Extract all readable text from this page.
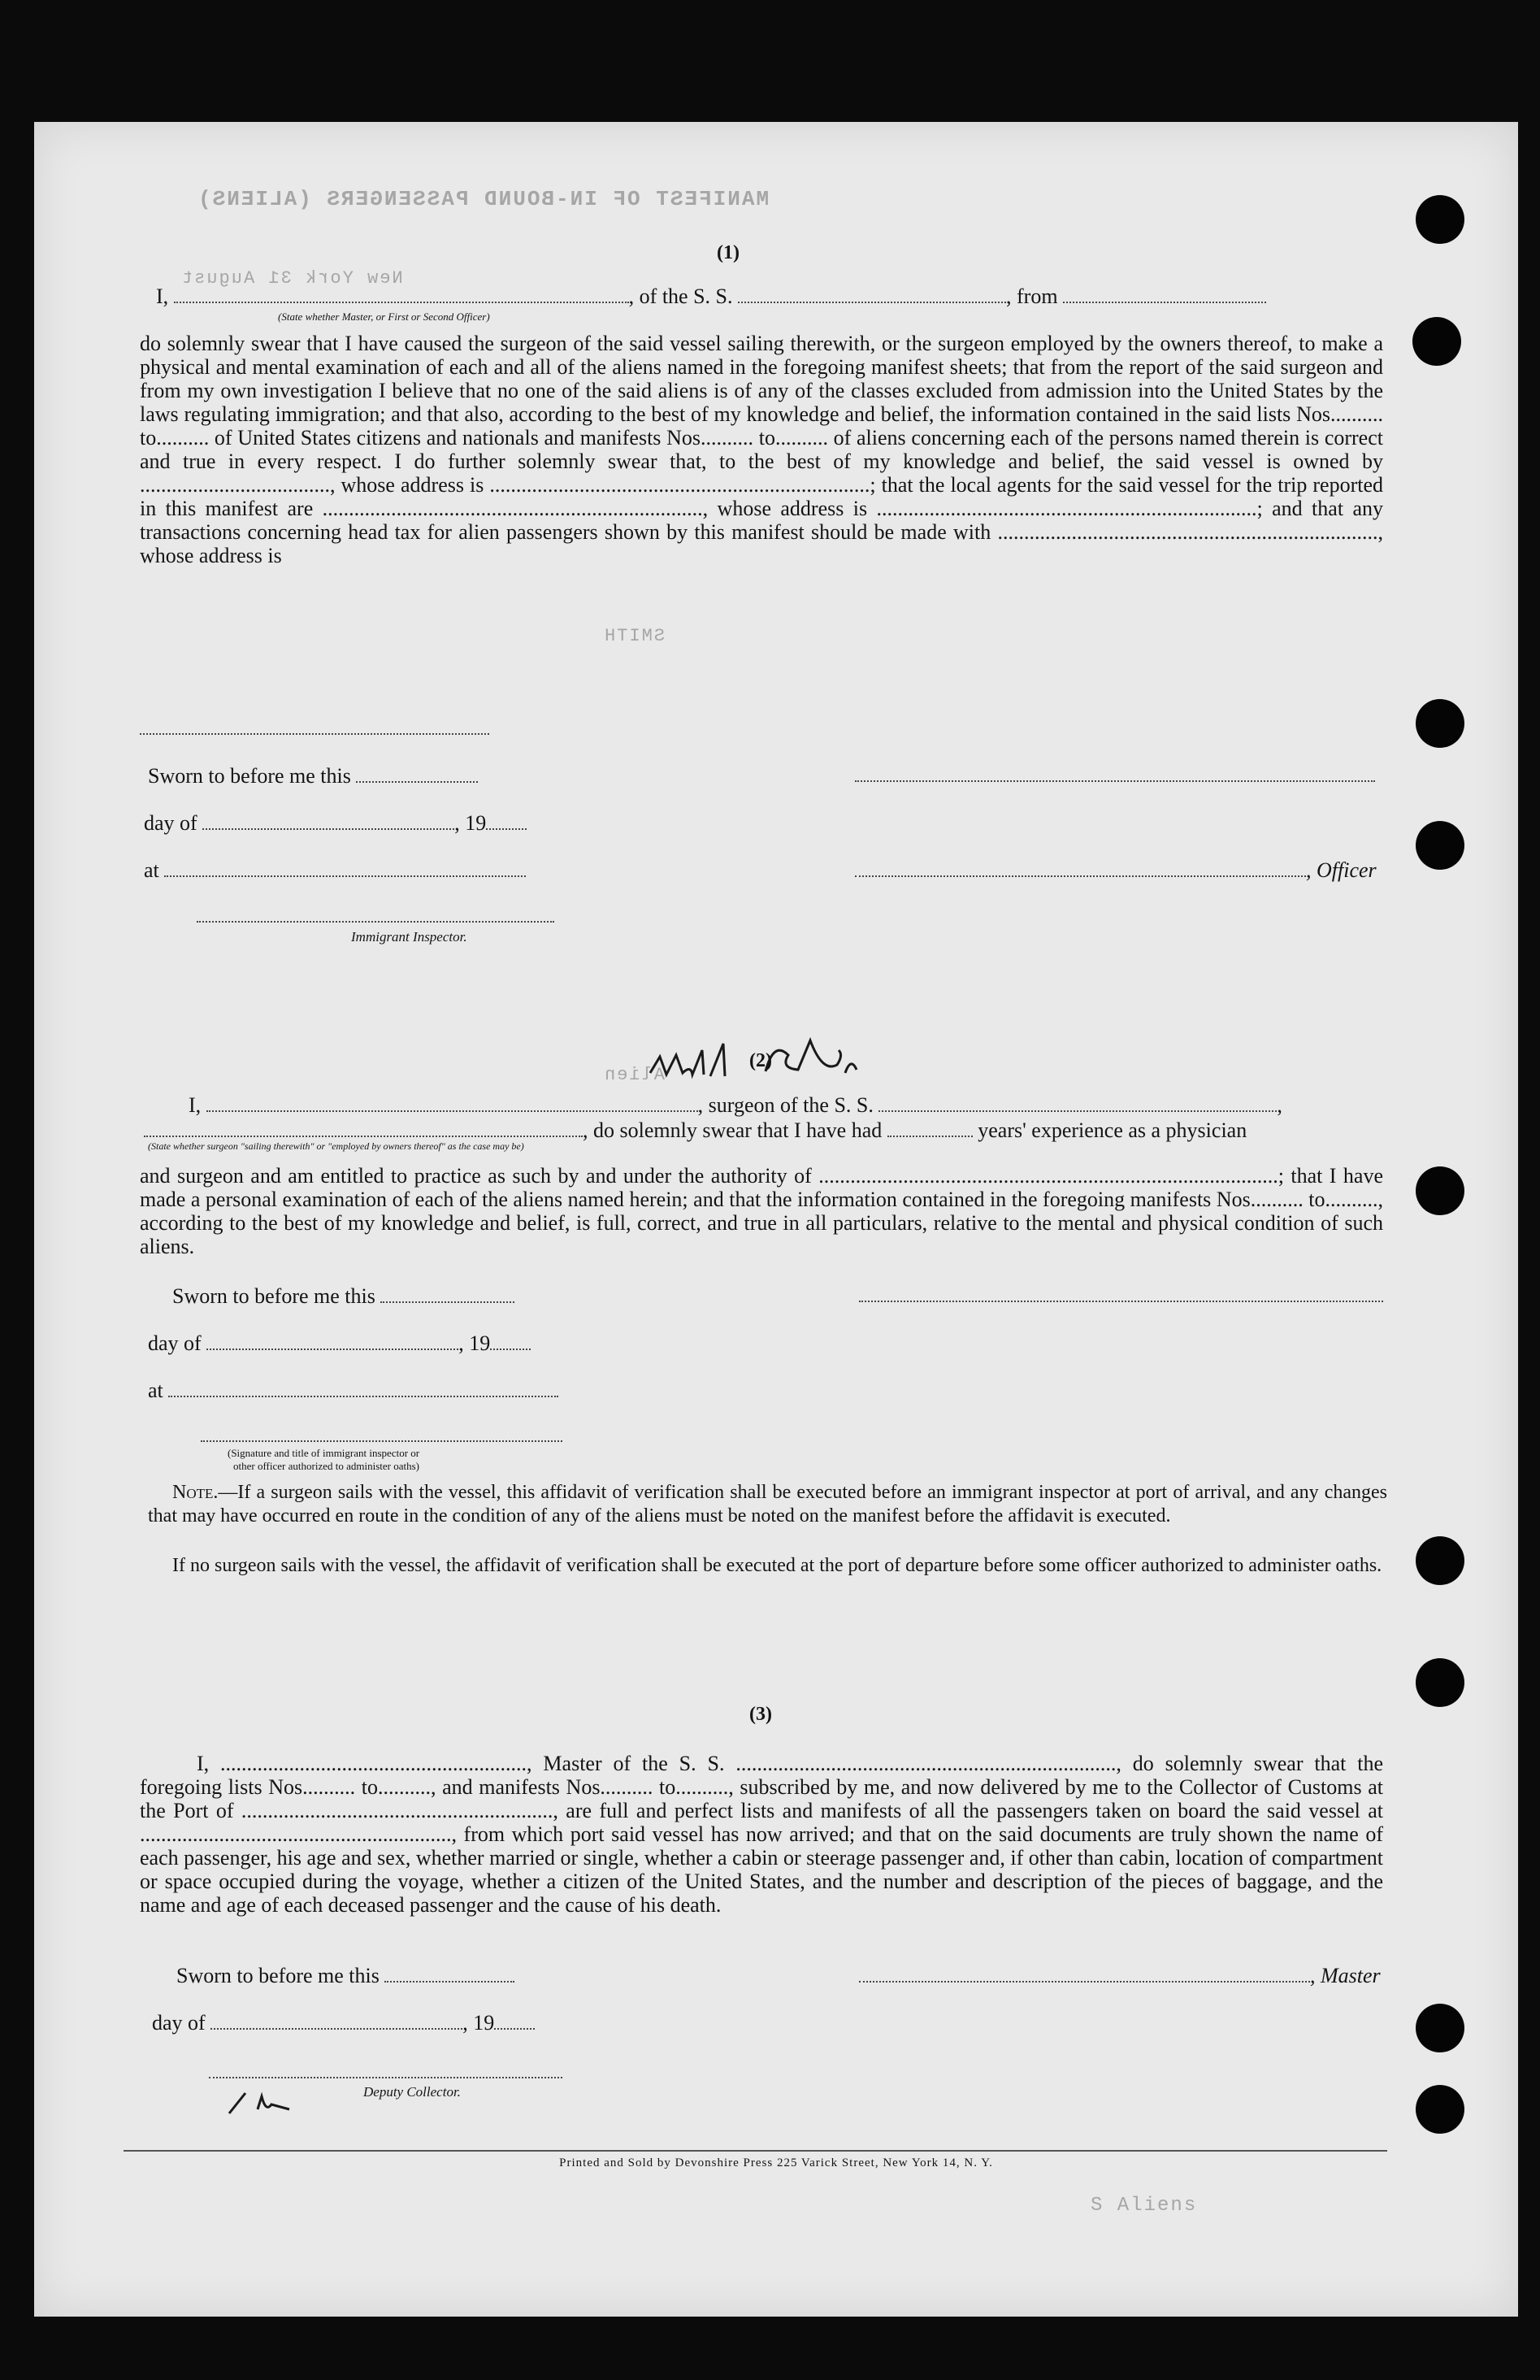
MANIFEST OF IN-BOUND PASSENGERS (ALIENS)
New York 31 August
SMITH
Alien
S Aliens
(1)
I,	, of the S. S.	, from
(State whether Master, or First or Second Officer)
do solemnly swear that I have caused the surgeon of the said vessel sailing therewith, or the surgeon employed by the owners thereof, to make a physical and mental examination of each and all of the aliens named in the foregoing manifest sheets; that from the report of the said surgeon and from my own investigation I believe that no one of the said aliens is of any of the classes excluded from admission into the United States by the laws regulating immigration; and that also, according to the best of my knowledge and belief, the information contained in the said lists Nos.......... to.......... of United States citizens and nationals and manifests Nos.......... to.......... of aliens concerning each of the persons named therein is correct and true in every respect. I do further solemnly swear that, to the best of my knowledge and belief, the said vessel is owned by ...................................., whose address is ........................................................................; that the local agents for the said vessel for the trip reported in this manifest are ........................................................................, whose address is ........................................................................; and that any transactions concerning head tax for alien passengers shown by this manifest should be made with ........................................................................, whose address is
Sworn to before me this
day of	, 19
at	, Officer
Immigrant Inspector.
(2)
I,	, surgeon of the S. S.	,
, do solemnly swear that I have had	years' experience as a physician
(State whether surgeon "sailing therewith" or "employed by owners thereof" as the case may be)
and surgeon and am entitled to practice as such by and under the authority of .......................................................................................; that I have made a personal examination of each of the aliens named herein; and that the information contained in the foregoing manifests Nos.......... to.........., according to the best of my knowledge and belief, is full, correct, and true in all particulars, relative to the mental and physical condition of such aliens.
Sworn to before me this
day of	, 19
at
(Signature and title of immigrant inspector or
other officer authorized to administer oaths)
Note.—If a surgeon sails with the vessel, this affidavit of verification shall be executed before an immigrant inspector at port of arrival, and any changes that may have occurred en route in the condition of any of the aliens must be noted on the manifest before the affidavit is executed.
If no surgeon sails with the vessel, the affidavit of verification shall be executed at the port of departure before some officer authorized to administer oaths.
(3)
I, .........................................................., Master of the S. S. ........................................................................, do solemnly swear that the foregoing lists Nos.......... to.........., and manifests Nos.......... to.........., subscribed by me, and now delivered by me to the Collector of Customs at the Port of ..........................................................., are full and perfect lists and manifests of all the passengers taken on board the said vessel at ..........................................................., from which port said vessel has now arrived; and that on the said documents are truly shown the name of each passenger, his age and sex, whether married or single, whether a cabin or steerage passenger and, if other than cabin, location of compartment or space occupied during the voyage, whether a citizen of the United States, and the number and description of the pieces of baggage, and the name and age of each deceased passenger and the cause of his death.
Sworn to before me this	, Master
day of	, 19
Deputy Collector.
Printed and Sold by Devonshire Press 225 Varick Street, New York 14, N. Y.
